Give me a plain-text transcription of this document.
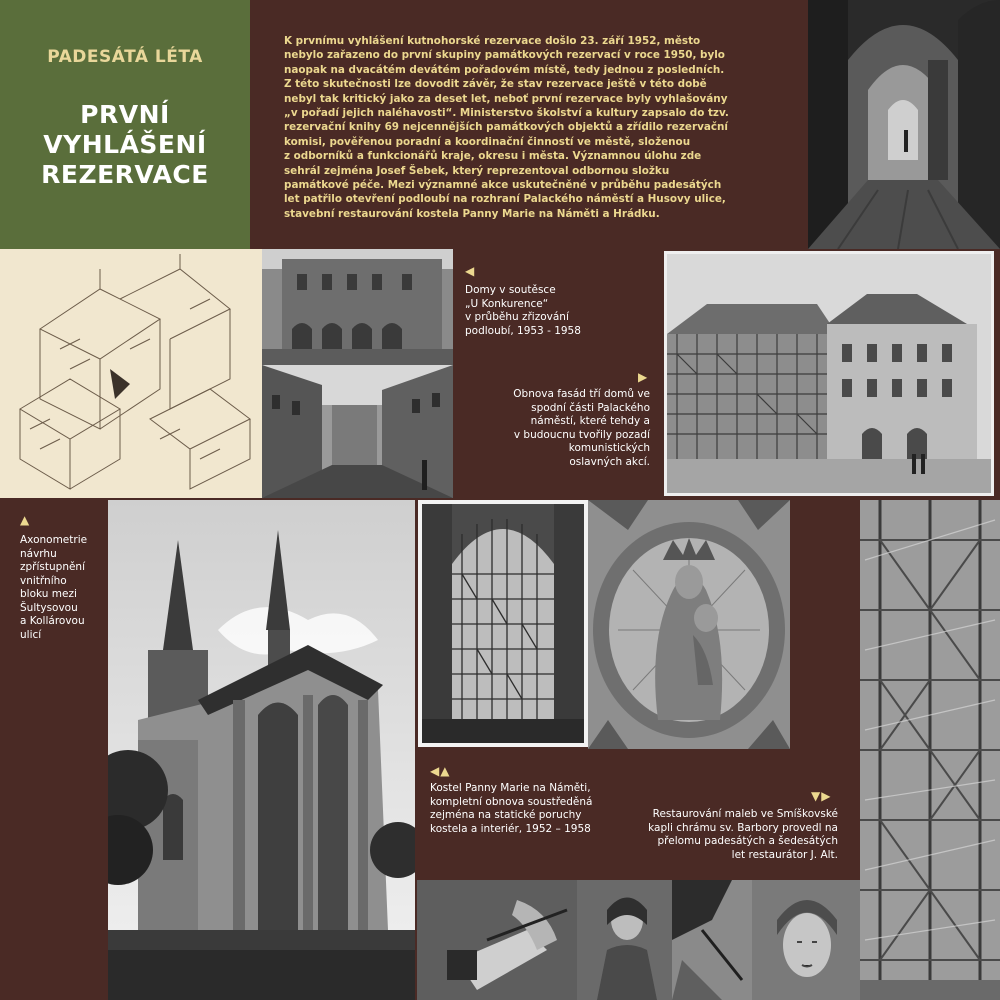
PADESÁTÁ LÉTA
PRVNÍ
VYHLÁŠENÍ
REZERVACE
K prvnímu vyhlášení kutnohorské rezervace došlo 23. září 1952, město
nebylo zařazeno do první skupiny památkových rezervací v roce 1950, bylo
naopak na dvacátém devátém pořadovém místě, tedy jednou z posledních.
Z této skutečnosti lze dovodit závěr, že stav rezervace ještě v této době
nebyl tak kritický jako za deset let, neboť první rezervace byly vyhlašovány
„v pořadí jejich naléhavosti“. Ministerstvo školství a kultury zapsalo do tzv.
rezervační knihy 69 nejcennějších památkových objektů a zřídilo rezervační
komisi, pověřenou poradní a koordinační činností ve městě, složenou
z odborníků a funkcionářů kraje, okresu i města. Významnou úlohu zde
sehrál zejména Josef Šebek, který reprezentoval odbornou složku
památkové péče. Mezi významné akce uskutečněné v průběhu padesátých
let patřilo otevření podloubí na rozhraní Palackého náměstí a Husovy ulice,
stavební restaurování kostela Panny Marie na Náměti a Hrádku.
◀
Domy v soutěsce
„U Konkurence“
v průběhu zřizování
podloubí, 1953 - 1958
▶
Obnova fasád tří domů ve
spodní části Palackého
náměstí, které tehdy a
v budoucnu tvořily pozadí
komunistických
oslavných akcí.
▲
Axonometrie
návrhu
zpřístupnění
vnitřního
bloku mezi
Šultysovou
a Kollárovou
ulicí
◀▲
Kostel Panny Marie na Náměti,
kompletní obnova soustředěná
zejména na statické poruchy
kostela a interiér, 1952 – 1958
▼▶
Restaurování maleb ve Smíškovské
kapli chrámu sv. Barbory provedl na
přelomu padesátých a šedesátých
let restaurátor J. Alt.
